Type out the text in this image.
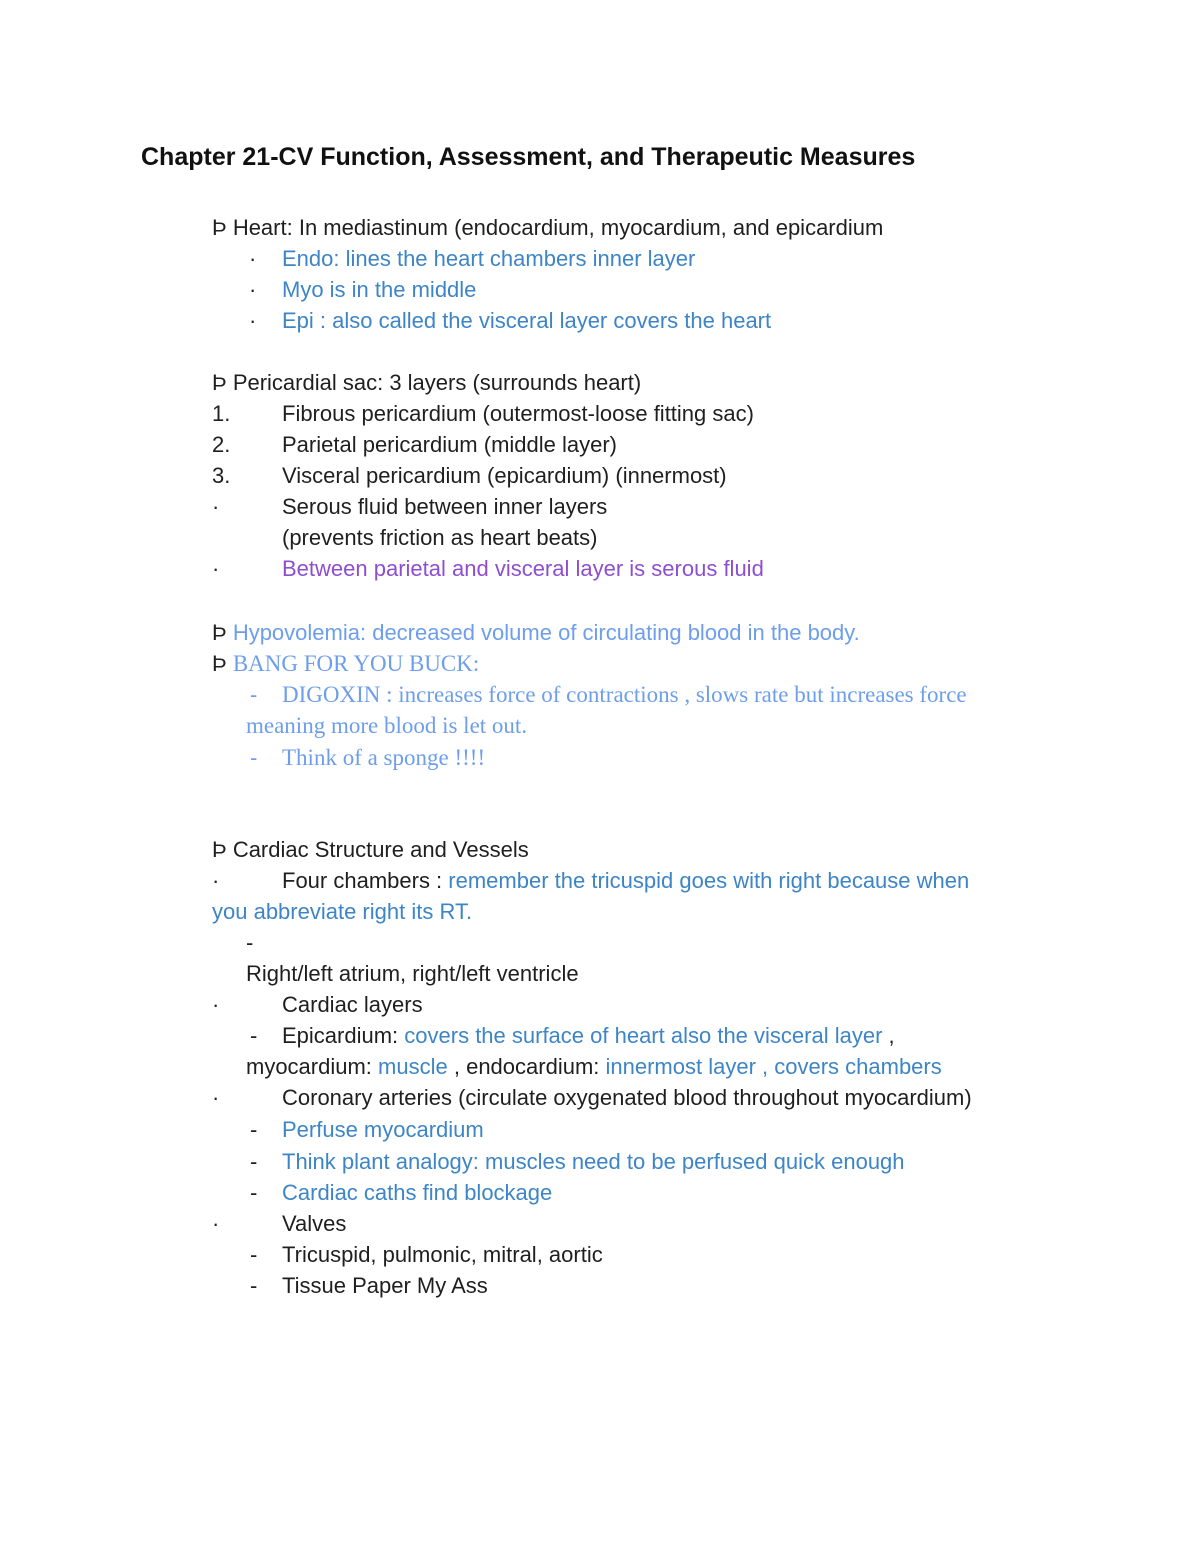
Chapter 21-CV Function, Assessment, and Therapeutic Measures
Þ Heart: In mediastinum (endocardium, myocardium, and epicardium
· Endo: lines the heart chambers inner layer
· Myo is in the middle
· Epi : also called the visceral layer covers the heart
Þ Pericardial sac: 3 layers (surrounds heart)
1. Fibrous pericardium (outermost-loose fitting sac)
2. Parietal pericardium (middle layer)
3. Visceral pericardium (epicardium) (innermost)
·	Serous fluid between inner layers
(prevents friction as heart beats)
·	Between parietal and visceral layer is serous fluid
Þ Hypovolemia: decreased volume of circulating blood in the body.
Þ BANG FOR YOU BUCK:
- DIGOXIN : increases force of contractions , slows rate but increases force
meaning more blood is let out.
- Think of a sponge !!!!
Þ Cardiac Structure and Vessels
·	Four chambers : remember the tricuspid goes with right because when
you abbreviate right its RT.
-
Right/left atrium, right/left ventricle
·	Cardiac layers
- Epicardium: covers the surface of heart also the visceral layer ,
myocardium: muscle , endocardium: innermost layer , covers chambers
·	Coronary arteries (circulate oxygenated blood throughout myocardium)
- Perfuse myocardium
- Think plant analogy: muscles need to be perfused quick enough
- Cardiac caths find blockage
·	Valves
- Tricuspid, pulmonic, mitral, aortic
- Tissue Paper My Ass
